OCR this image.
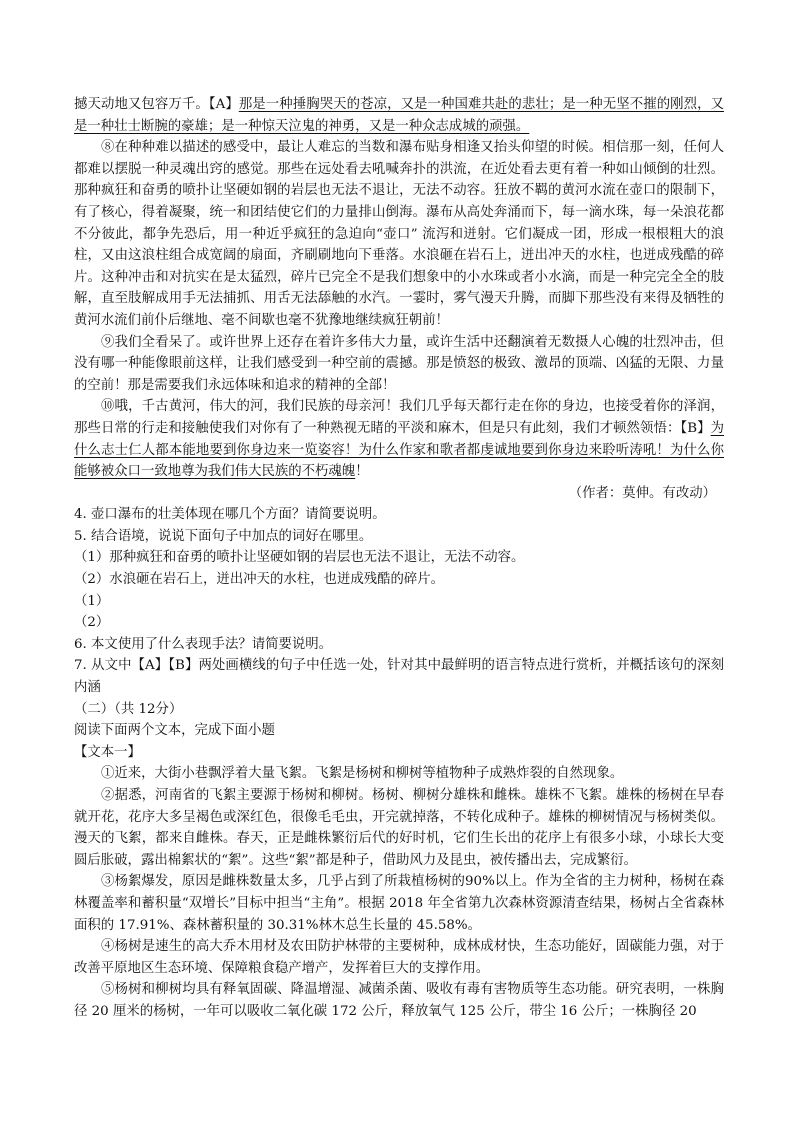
撼天动地又包容万千。【A】那是一种捶胸哭天的苍凉，又是一种国难共赴的悲壮；是一种无坚不摧的刚烈，又是一种壮士断腕的豪雄；是一种惊天泣鬼的神勇，又是一种众志成城的顽强。

⑧在种种难以描述的感受中，最让人难忘的当数和瀑布贴身相逢又抬头仰望的时候。相信那一刻，任何人都难以摆脱一种灵魂出窍的感觉。那些在远处看去吼喊奔扑的洪流，在近处看去更有着一种如山倾倒的壮烈。那种疯狂和奋勇的喷扑让坚硬如钢的岩层也无法不退让，无法不动容。狂放不羁的黄河水流在壶口的限制下，有了核心，得着凝聚，统一和团结使它们的力量排山倒海。瀑布从高处奔涌而下，每一滴水珠，每一朵浪花都不分彼此，都争先恐后，用一种近乎疯狂的急迫向“壶口” 流泻和迸射。它们凝成一团，形成一根根粗大的浪柱，又由这浪柱组合成宽阔的扇面，齐刷刷地向下垂落。水浪砸在岩石上，迸出冲天的水柱，也迸成残酷的碎片。这种冲击和对抗实在是太猛烈，碎片已完全不是我们想象中的小水珠或者小水滴，而是一种完完全全的肢解，直至肢解成用手无法捕抓、用舌无法舔触的水汽。一霎时，雾气漫天升腾，而脚下那些没有来得及牺牲的黄河水流们前仆后继地、毫不间歇也毫不犹豫地继续疯狂朝前！

⑨我们全看呆了。或许世界上还存在着许多伟大力量，或许生活中还翻演着无数摄人心魄的壮烈冲击，但没有哪一种能像眼前这样，让我们感受到一种空前的震撼。那是愤怒的极致、激昂的顶端、凶猛的无限、力量的空前！那是需要我们永远体味和追求的精神的全部！

⑩哦，千古黄河，伟大的河，我们民族的母亲河！我们几乎每天都行走在你的身边，也接受着你的泽润，那些日常的行走和接触使我们对你有了一种熟视无睹的平淡和麻木，但是只有此刻，我们才顿然领悟：【B】为什么志士仁人都本能地要到你身边来一览姿容！为什么作家和歌者都虔诚地要到你身边来聆听涛吼！为什么你能够被众口一致地尊为我们伟大民族的不朽魂魄！

（作者：莫伸。有改动）

4. 壶口瀑布的壮美体现在哪几个方面？请简要说明。

5. 结合语境，说说下面句子中加点的词好在哪里。

（1）那种疯狂和奋勇的喷扑让坚硬如钢的岩层也无法不退让，无法不动容。

（2）水浪砸在岩石上，迸出冲天的水柱，也迸成残酷的碎片。

（1）

（2）

6. 本文使用了什么表现手法？请简要说明。

7. 从文中【A】【B】两处画横线的句子中任选一处，针对其中最鲜明的语言特点进行赏析，并概括该句的深刻内涵

（二）（共 12分）

阅读下面两个文本，完成下面小题

【文本一】

①近来，大街小巷飘浮着大量飞絮。飞絮是杨树和柳树等植物种子成熟炸裂的自然现象。

②据悉，河南省的飞絮主要源于杨树和柳树。杨树、柳树分雄株和雌株。雄株不飞絮。雄株的杨树在早春就开花，花序大多呈褐色或深红色，很像毛毛虫，开完就掉落，不转化成种子。雄株的柳树情况与杨树类似。漫天的飞絮，都来自雌株。春天，正是雌株繁衍后代的好时机，它们生长出的花序上有很多小球，小球长大变圆后胀破，露出棉絮状的“絮”。这些“絮”都是种子，借助风力及昆虫，被传播出去，完成繁衍。

③杨絮爆发，原因是雌株数量太多，几乎占到了所栽植杨树的90%以上。作为全省的主力树种，杨树在森林覆盖率和蓄积量“双增长”目标中担当“主角”。根据 2018 年全省第九次森林资源清查结果，杨树占全省森林面积的 17.91%、森林蓄积量的 30.31%林木总生长量的 45.58%。

④杨树是速生的高大乔木用材及农田防护林带的主要树种，成林成材快，生态功能好，固碳能力强，对于改善平原地区生态环境、保障粮食稳产增产，发挥着巨大的支撑作用。

⑤杨树和柳树均具有释氧固碳、降温增湿、减菌杀菌、吸收有毒有害物质等生态功能。研究表明，一株胸径 20 厘米的杨树，一年可以吸收二氧化碳 172 公斤，释放氧气 125 公斤，带尘 16 公斤；一株胸径 20
